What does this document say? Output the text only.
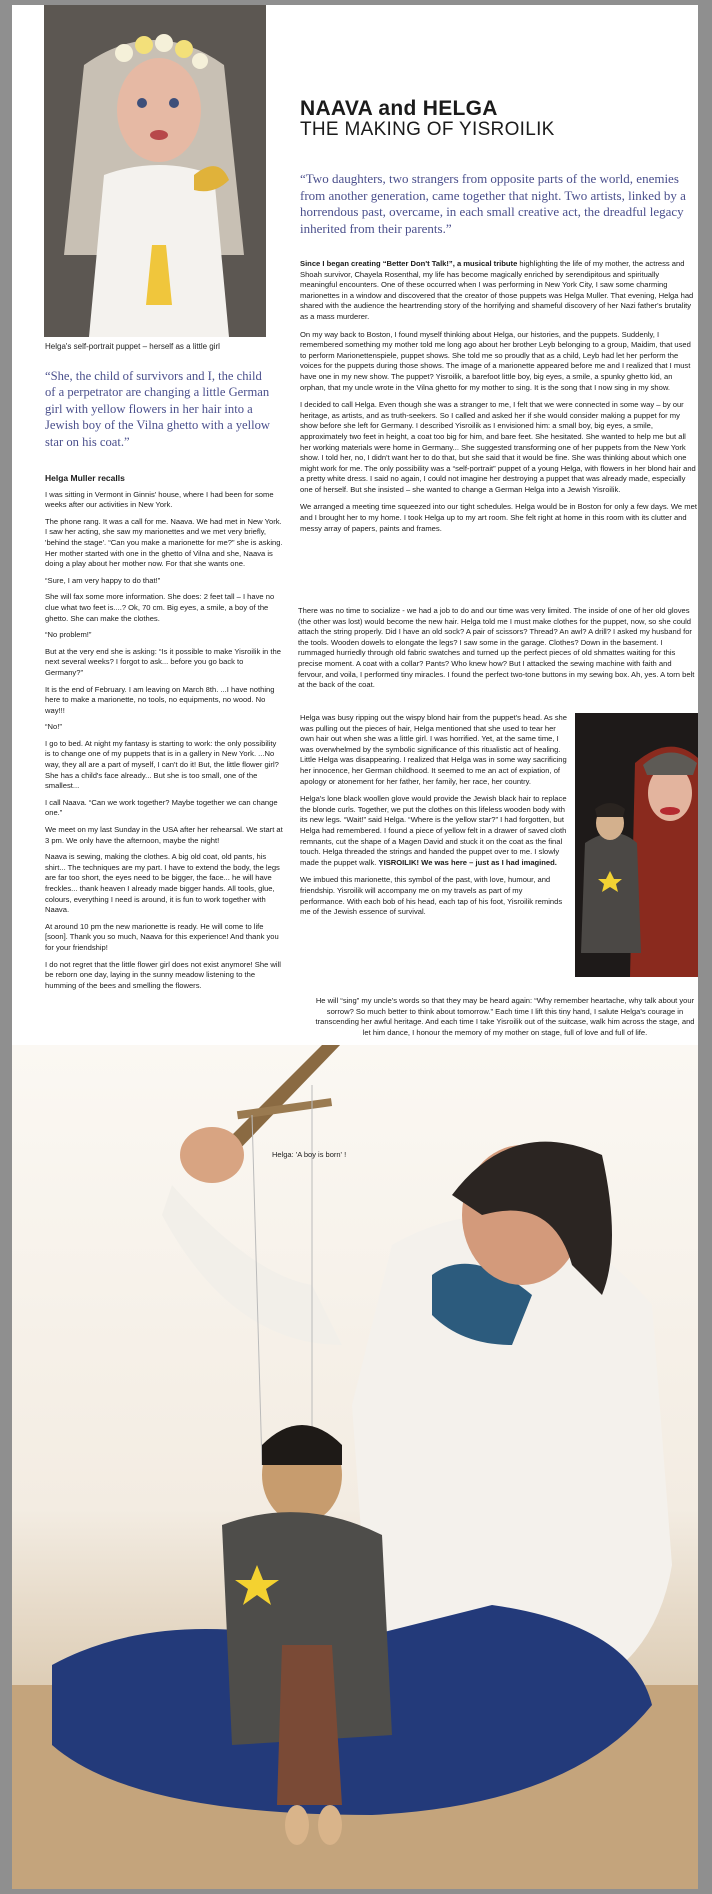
Helga's self-portrait puppet – herself as a little girl
NAAVA and HELGA
THE MAKING OF YISROILIK
“Two daughters, two strangers from opposite parts of the world, enemies from another generation, came together that night. Two artists, linked by a horrendous past, overcame, in each small creative act, the dreadful legacy inherited from their parents.”

Since I began creating “Better Don't Talk!”, a musical tribute highlighting the life of my mother, the actress and Shoah survivor, Chayela Rosenthal, my life has become magically enriched by serendipitous and spiritually meaningful encounters. One of these occurred when I was performing in New York City, I saw some charming marionettes in a window and discovered that the creator of those puppets was Helga Muller. That evening, Helga had shared with the audience the heartrending story of the horrifying and shameful discovery of her Nazi father's brutality as a mass murderer.

On my way back to Boston, I found myself thinking about Helga, our histories, and the puppets. Suddenly, I remembered something my mother told me long ago about her brother Leyb belonging to a group, Maidim, that used to perform Marionettenspiele, puppet shows. She told me so proudly that as a child, Leyb had let her perform the voices for the puppets during those shows. The image of a marionette appeared before me and I realized that I must have one in my new show. The puppet? Yisroilik, a barefoot little boy, big eyes, a smile, a spunky ghetto kid, an orphan, that my uncle wrote in the Vilna ghetto for my mother to sing. It is the song that I now sing in my show.

I decided to call Helga. Even though she was a stranger to me, I felt that we were connected in some way – by our heritage, as artists, and as truth-seekers. So I called and asked her if she would consider making a puppet for my show before she left for Germany. I described Yisroilik as I envisioned him: a small boy, big eyes, a smile, approximately two feet in height, a coat too big for him, and bare feet. She hesitated. She wanted to help me but all her working materials were home in Germany... She suggested transforming one of her puppets from the New York show. I told her, no, I didn't want her to do that, but she said that it would be fine. She was thinking about which one might work for me. The only possibility was a “self-portrait” puppet of a young Helga, with flowers in her blond hair and a pretty white dress. I said no again, I could not imagine her destroying a puppet that was already made, especially one of herself. But she insisted – she wanted to change a German Helga into a Jewish Yisroilik.

We arranged a meeting time squeezed into our tight schedules. Helga would be in Boston for only a few days. We met and I brought her to my home. I took Helga up to my art room. She felt right at home in this room with its clutter and messy array of papers, paints and frames.

There was no time to socialize - we had a job to do and our time was very limited. The inside of one of her old gloves (the other was lost) would become the new hair. Helga told me I must make clothes for the puppet, now, so she could attach the string properly. Did I have an old sock? A pair of scissors? Thread? An awl? A drill? I asked my husband for the tools. Wooden dowels to elongate the legs? I saw some in the garage. Clothes? Down in the basement. I rummaged hurriedly through old fabric swatches and turned up the perfect pieces of old shmattes waiting for this precise moment. A coat with a collar? Pants? Who knew how? But I attacked the sewing machine with faith and fervour, and voila, I performed tiny miracles. I found the perfect two-tone buttons in my sewing box. Ah, yes. A torn belt at the back of the coat.

Helga was busy ripping out the wispy blond hair from the puppet's head. As she was pulling out the pieces of hair, Helga mentioned that she used to tear her own hair out when she was a little girl. I was horrified. Yet, at the same time, I was overwhelmed by the symbolic significance of this ritualistic act of healing. Little Helga was disappearing. I realized that Helga was in some way sacrificing her innocence, her German childhood. It seemed to me an act of expiation, of apology or atonement for her father, her family, her race, her country.

Helga's lone black woollen glove would provide the Jewish black hair to replace the blonde curls. Together, we put the clothes on this lifeless wooden body with its new legs. “Wait!” said Helga. “Where is the yellow star?” I had forgotten, but Helga had remembered. I found a piece of yellow felt in a drawer of saved cloth remnants, cut the shape of a Magen David and stuck it on the coat as the final touch. Helga threaded the strings and handed the puppet over to me. I slowly made the puppet walk. YISROILIK! We was here – just as I had imagined.

We imbued this marionette, this symbol of the past, with love, humour, and friendship. Yisroilik will accompany me on my travels as part of my performance. With each bob of his head, each tap of his foot, Yisroilik reminds me of the Jewish essence of survival.

He will “sing” my uncle's words so that they may be heard again: “Why remember heartache, why talk about your sorrow? So much better to think about tomorrow.” Each time I lift this tiny hand, I salute Helga's courage in transcending her awful heritage. And each time I take Yisroilik out of the suitcase, walk him across the stage, and let him dance, I honour the memory of my mother on stage, full of love and full of life.

“She, the child of survivors and I, the child of a perpetrator are changing a little German girl with yellow flowers in her hair into a Jewish boy of the Vilna ghetto with a yellow star on his coat.”
Helga Muller recalls

I was sitting in Vermont in Ginnis' house, where I had been for some weeks after our activities in New York.

The phone rang. It was a call for me. Naava. We had met in New York. I saw her acting, she saw my marionettes and we met very briefly, 'behind the stage'. “Can you make a marionette for me?” she is asking. Her mother started with one in the ghetto of Vilna and she, Naava is doing a play about her mother now. For that she wants one.

“Sure, I am very happy to do that!”

She will fax some more information. She does: 2 feet tall – I have no clue what two feet is....? Ok, 70 cm. Big eyes, a smile, a boy of the ghetto. She can make the clothes.

“No problem!”

But at the very end she is asking: “Is it possible to make Yisroilik in the next several weeks? I forgot to ask... before you go back to Germany?”

It is the end of February. I am leaving on March 8th. ...I have nothing here to make a marionette, no tools, no equipments, no wood. No way!!!

“No!”

I go to bed. At night my fantasy is starting to work: the only possibility is to change one of my puppets that is in a gallery in New York. ...No way, they all are a part of myself, I can't do it! But, the little flower girl? She has a child's face already... But she is too small, one of the smallest...

I call Naava. “Can we work together? Maybe together we can change one.”

We meet on my last Sunday in the USA after her rehearsal. We start at 3 pm. We only have the afternoon, maybe the night!

Naava is sewing, making the clothes. A big old coat, old pants, his shirt... The techniques are my part. I have to extend the body, the legs are far too short, the eyes need to be bigger, the face... he will have freckles... thank heaven I already made bigger hands. All tools, glue, colours, everything I need is around, it is fun to work together with Naava.

At around 10 pm the new marionette is ready. He will come to life [soon]. Thank you so much, Naava for this experience! And thank you for your friendship!

I do not regret that the little flower girl does not exist anymore! She will be reborn one day, laying in the sunny meadow listening to the humming of the bees and smelling the flowers.

Helga: 'A boy is born' !
